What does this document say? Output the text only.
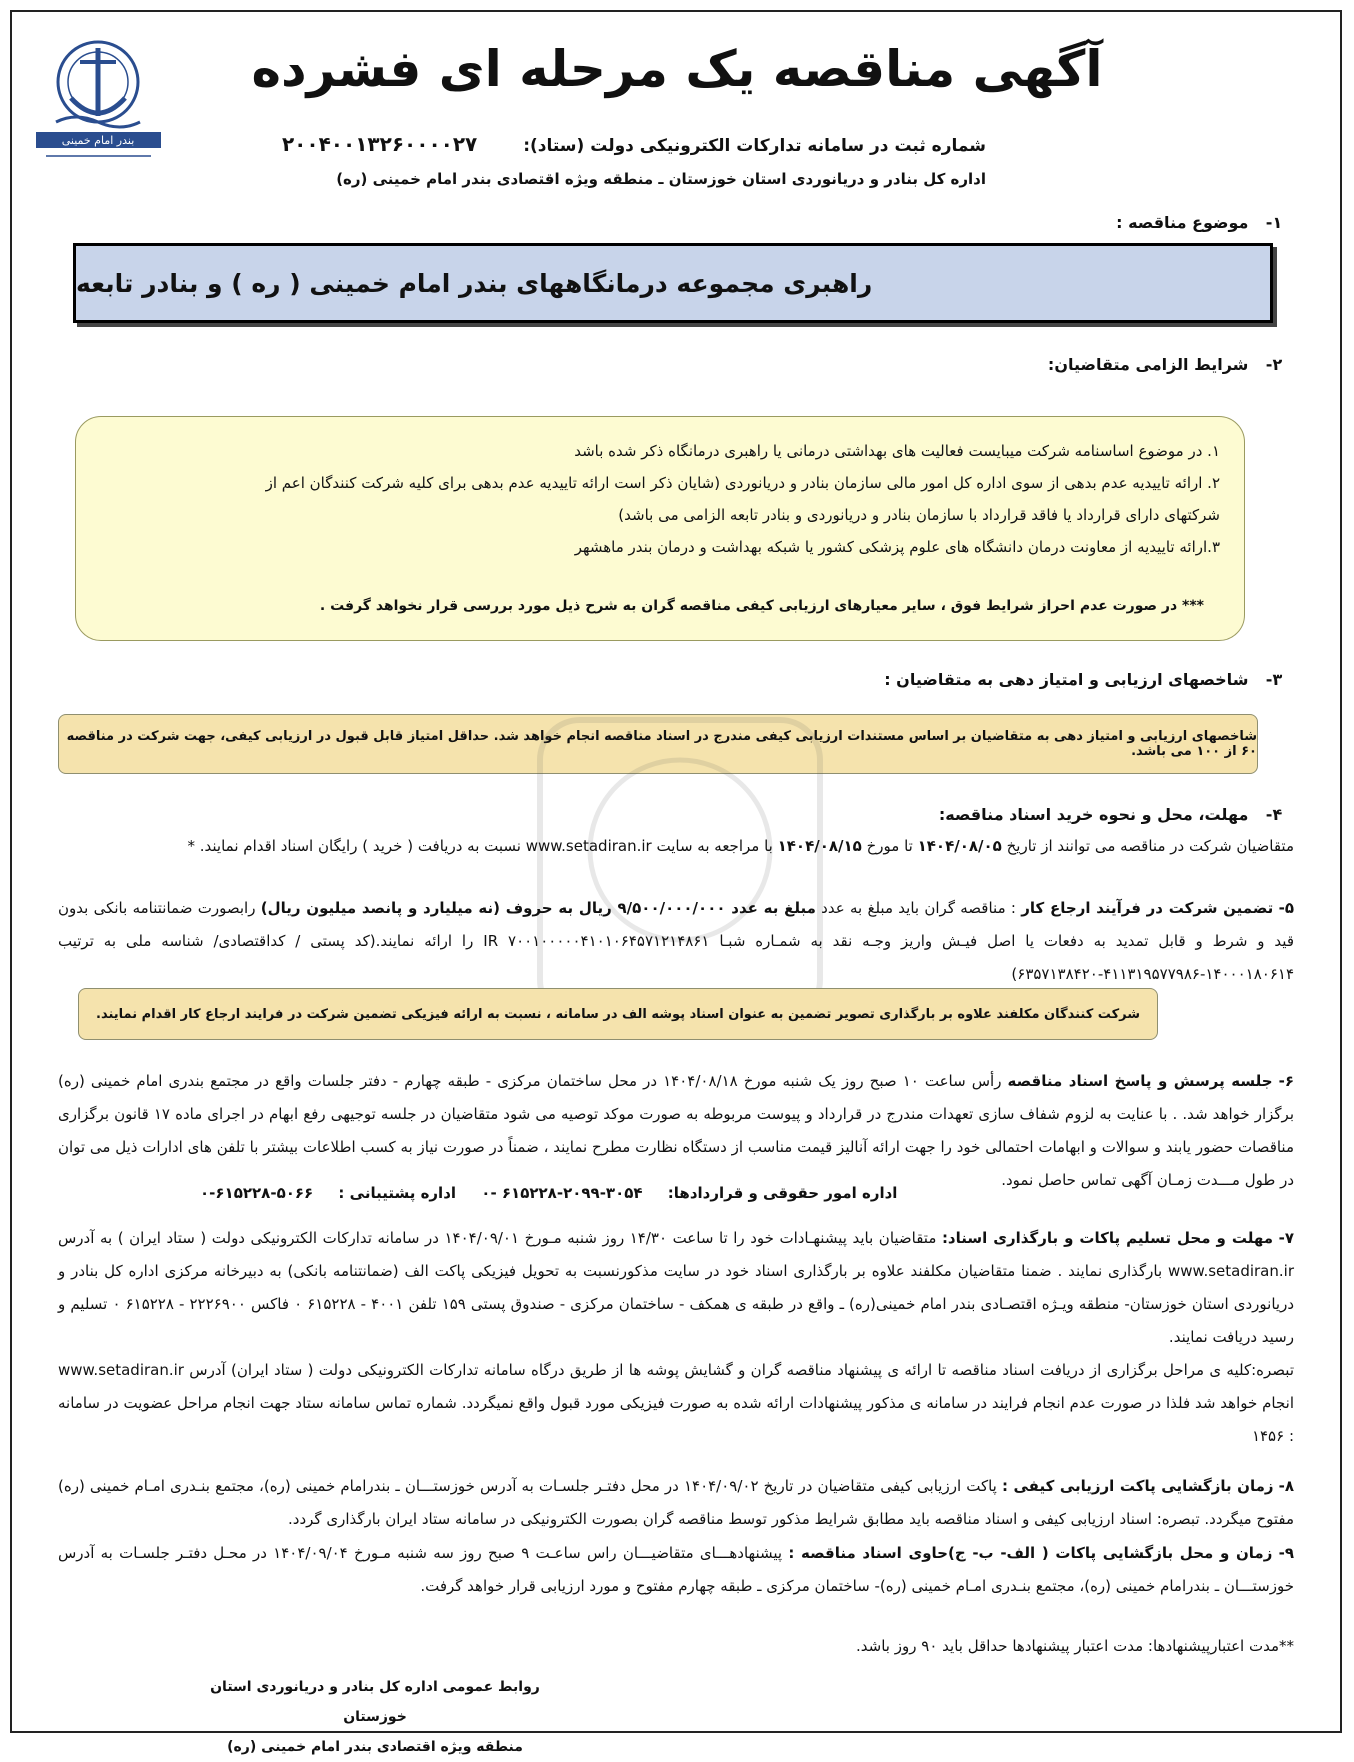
بندر امام خمینی
آگهی مناقصه یک مرحله ای فشرده
شماره ثبت در سامانه تدارکات الکترونیکی دولت (ستاد): ۲۰۰۴۰۰۱۳۲۶۰۰۰۰۲۷
اداره کل بنادر و دریانوردی استان خوزستان ـ منطقه ویژه اقتصادی بندر امام خمینی (ره)
۱- موضوع مناقصه :
راهبری مجموعه درمانگاههای بندر امام خمینی ( ره ) و بنادر تابعه
۲- شرایط الزامی متقاضیان:
۱. در موضوع اساسنامه شرکت میبایست فعالیت های بهداشتی درمانی یا راهبری درمانگاه ذکر شده باشد
۲. ارائه تاییدیه عدم بدهی از سوی اداره کل امور مالی سازمان بنادر و دریانوردی (شایان ذکر است ارائه تاییدیه عدم بدهی برای کلیه شرکت کنندگان اعم از
شرکتهای دارای قرارداد یا فاقد قرارداد با سازمان بنادر و دریانوردی و بنادر تابعه الزامی می باشد)
۳.ارائه تاییدیه از معاونت درمان دانشگاه های علوم پزشکی کشور یا شبکه بهداشت و درمان بندر ماهشهر
*** در صورت عدم احراز شرایط فوق ، سایر معیارهای ارزیابی کیفی مناقصه گران به شرح ذیل مورد بررسی قرار نخواهد گرفت .
۳- شاخصهای ارزیابی و امتیاز دهی به متقاضیان :
شاخصهای ارزیابی و امتیاز دهی به متقاضیان بر اساس مستندات ارزیابی کیفی مندرج در اسناد مناقصه انجام خواهد شد. حداقل امتیاز قابل قبول در ارزیابی کیفی، جهت شرکت در مناقصه ۶۰ از ۱۰۰ می باشد.
۴- مهلت، محل و نحوه خرید اسناد مناقصه:
متقاضیان شرکت در مناقصه می توانند از تاریخ ۱۴۰۴/۰۸/۰۵ تا مورخ ۱۴۰۴/۰۸/۱۵ با مراجعه به سایت www.setadiran.ir نسبت به دریافت ( خرید ) رایگان اسناد اقدام نمایند. *
۵- تضمین شرکت در فرآیند ارجاع کار : مناقصه گران باید مبلغ به عدد مبلغ به عدد ۹/۵۰۰/۰۰۰/۰۰۰ ریال به حروف (نه میلیارد و پانصد میلیون ریال) رابصورت ضمانتنامه بانکی بدون قید و شرط و قابل تمدید به دفعات یا اصل فیـش واریز وجـه نقد به شمـاره شبـا IR ۷۰۰۱۰۰۰۰۰۴۱۰۱۰۶۴۵۷۱۲۱۴۸۶۱ را ارائه نمایند.(کد پستی / کداقتصادی/ شناسه ملی به ترتیب ۱۴۰۰۰۱۸۰۶۱۴-۴۱۱۳۱۹۵۷۷۹۸۶-۶۳۵۷۱۳۸۴۲۰)
شرکت کنندگان مکلفند علاوه بر بارگذاری تصویر تضمین به عنوان اسناد پوشه الف در سامانه ، نسبت به ارائه فیزیکی تضمین شرکت در فرایند ارجاع کار اقدام نمایند.
۶- جلسه پرسش و پاسخ اسناد مناقصه رأس ساعت ۱۰ صبح روز یک شنبه مورخ ۱۴۰۴/۰۸/۱۸ در محل ساختمان مرکزی - طبقه چهارم - دفتر جلسات واقع در مجتمع بندری امام خمینی (ره) برگزار خواهد شد. . با عنایت به لزوم شفاف سازی تعهدات مندرج در قرارداد و پیوست مربوطه به صورت موکد توصیه می شود متقاضیان در جلسه توجیهی رفع ابهام در اجرای ماده ۱۷ قانون برگزاری مناقصات حضور یابند و سوالات و ابهامات احتمالی خود را جهت ارائه آنالیز قیمت مناسب از دستگاه نظارت مطرح نمایند ، ضمناً در صورت نیاز به کسب اطلاعات بیشتر با تلفن های ادارات ذیل می توان در طول مـــدت زمـان آگهی تماس حاصل نمود.
اداره امور حقوقی و قراردادها: ۳۰۵۴-۲۰۹۹-۶۱۵۲۲۸ -۰ اداره پشتیبانی : ۵۰۶۶-۶۱۵۲۲۸-۰
۷- مهلت و محل تسلیم پاکات و بارگذاری اسناد: متقاضیان باید پیشنهـادات خود را تا ساعت ۱۴/۳۰ روز شنبه مـورخ ۱۴۰۴/۰۹/۰۱ در سامانه تدارکات الکترونیکی دولت ( ستاد ایران ) به آدرس www.setadiran.ir بارگذاری نمایند . ضمنا متقاضیان مکلفند علاوه بر بارگذاری اسناد خود در سایت مذکورنسبت به تحویل فیزیکی پاکت الف (ضمانتنامه بانکی) به دبیرخانه مرکزی اداره کل بنادر و دریانوردی استان خوزستان- منطقه ویـژه اقتصـادی بندر امام خمینی(ره) ـ واقع در طبقه ی همکف - ساختمان مرکزی - صندوق پستی ۱۵۹ تلفن ۴۰۰۱ - ۶۱۵۲۲۸ ۰ فاکس ۲۲۲۶۹۰۰ - ۶۱۵۲۲۸ ۰ تسلیم و رسید دریافت نمایند.
تبصره:کلیه ی مراحل برگزاری از دریافت اسناد مناقصه تا ارائه ی پیشنهاد مناقصه گران و گشایش پوشه ها از طریق درگاه سامانه تدارکات الکترونیکی دولت ( ستاد ایران) آدرس www.setadiran.ir انجام خواهد شد فلذا در صورت عدم انجام فرایند در سامانه ی مذکور پیشنهادات ارائه شده به صورت فیزیکی مورد قبول واقع نمیگردد. شماره تماس سامانه ستاد جهت انجام مراحل عضویت در سامانه : ۱۴۵۶
۸- زمان بازگشایی پاکت ارزیابی کیفی : پاکت ارزیابی کیفی متقاضیان در تاریخ ۱۴۰۴/۰۹/۰۲ در محل دفتـر جلسـات به آدرس خوزستـــان ـ بندرامام خمینی (ره)، مجتمع بنـدری امـام خمینی (ره) مفتوح میگردد. تبصره: اسناد ارزیابی کیفی و اسناد مناقصه باید مطابق شرایط مذکور توسط مناقصه گران بصورت الکترونیکی در سامانه ستاد ایران بارگذاری گردد.
۹- زمان و محل بازگشایی پاکات ( الف- ب- ج)حاوی اسناد مناقصه : پیشنهادهـــای متقاضیـــان راس ساعـت ۹ صبح روز سه شنبه مـورخ ۱۴۰۴/۰۹/۰۴ در محـل دفتـر جلسـات به آدرس خوزستـــان ـ بندرامام خمینی (ره)، مجتمع بنـدری امـام خمینی (ره)- ساختمان مرکزی ـ طبقه چهارم مفتوح و مورد ارزیابی قرار خواهد گرفت.
**مدت اعتبارپیشنهادها: مدت اعتبار پیشنهادها حداقل باید ۹۰ روز باشد.
روابط عمومی اداره کل بنادر و دریانوردی استان خوزستان
منطقه ویژه اقتصادی بندر امام خمینی (ره)
